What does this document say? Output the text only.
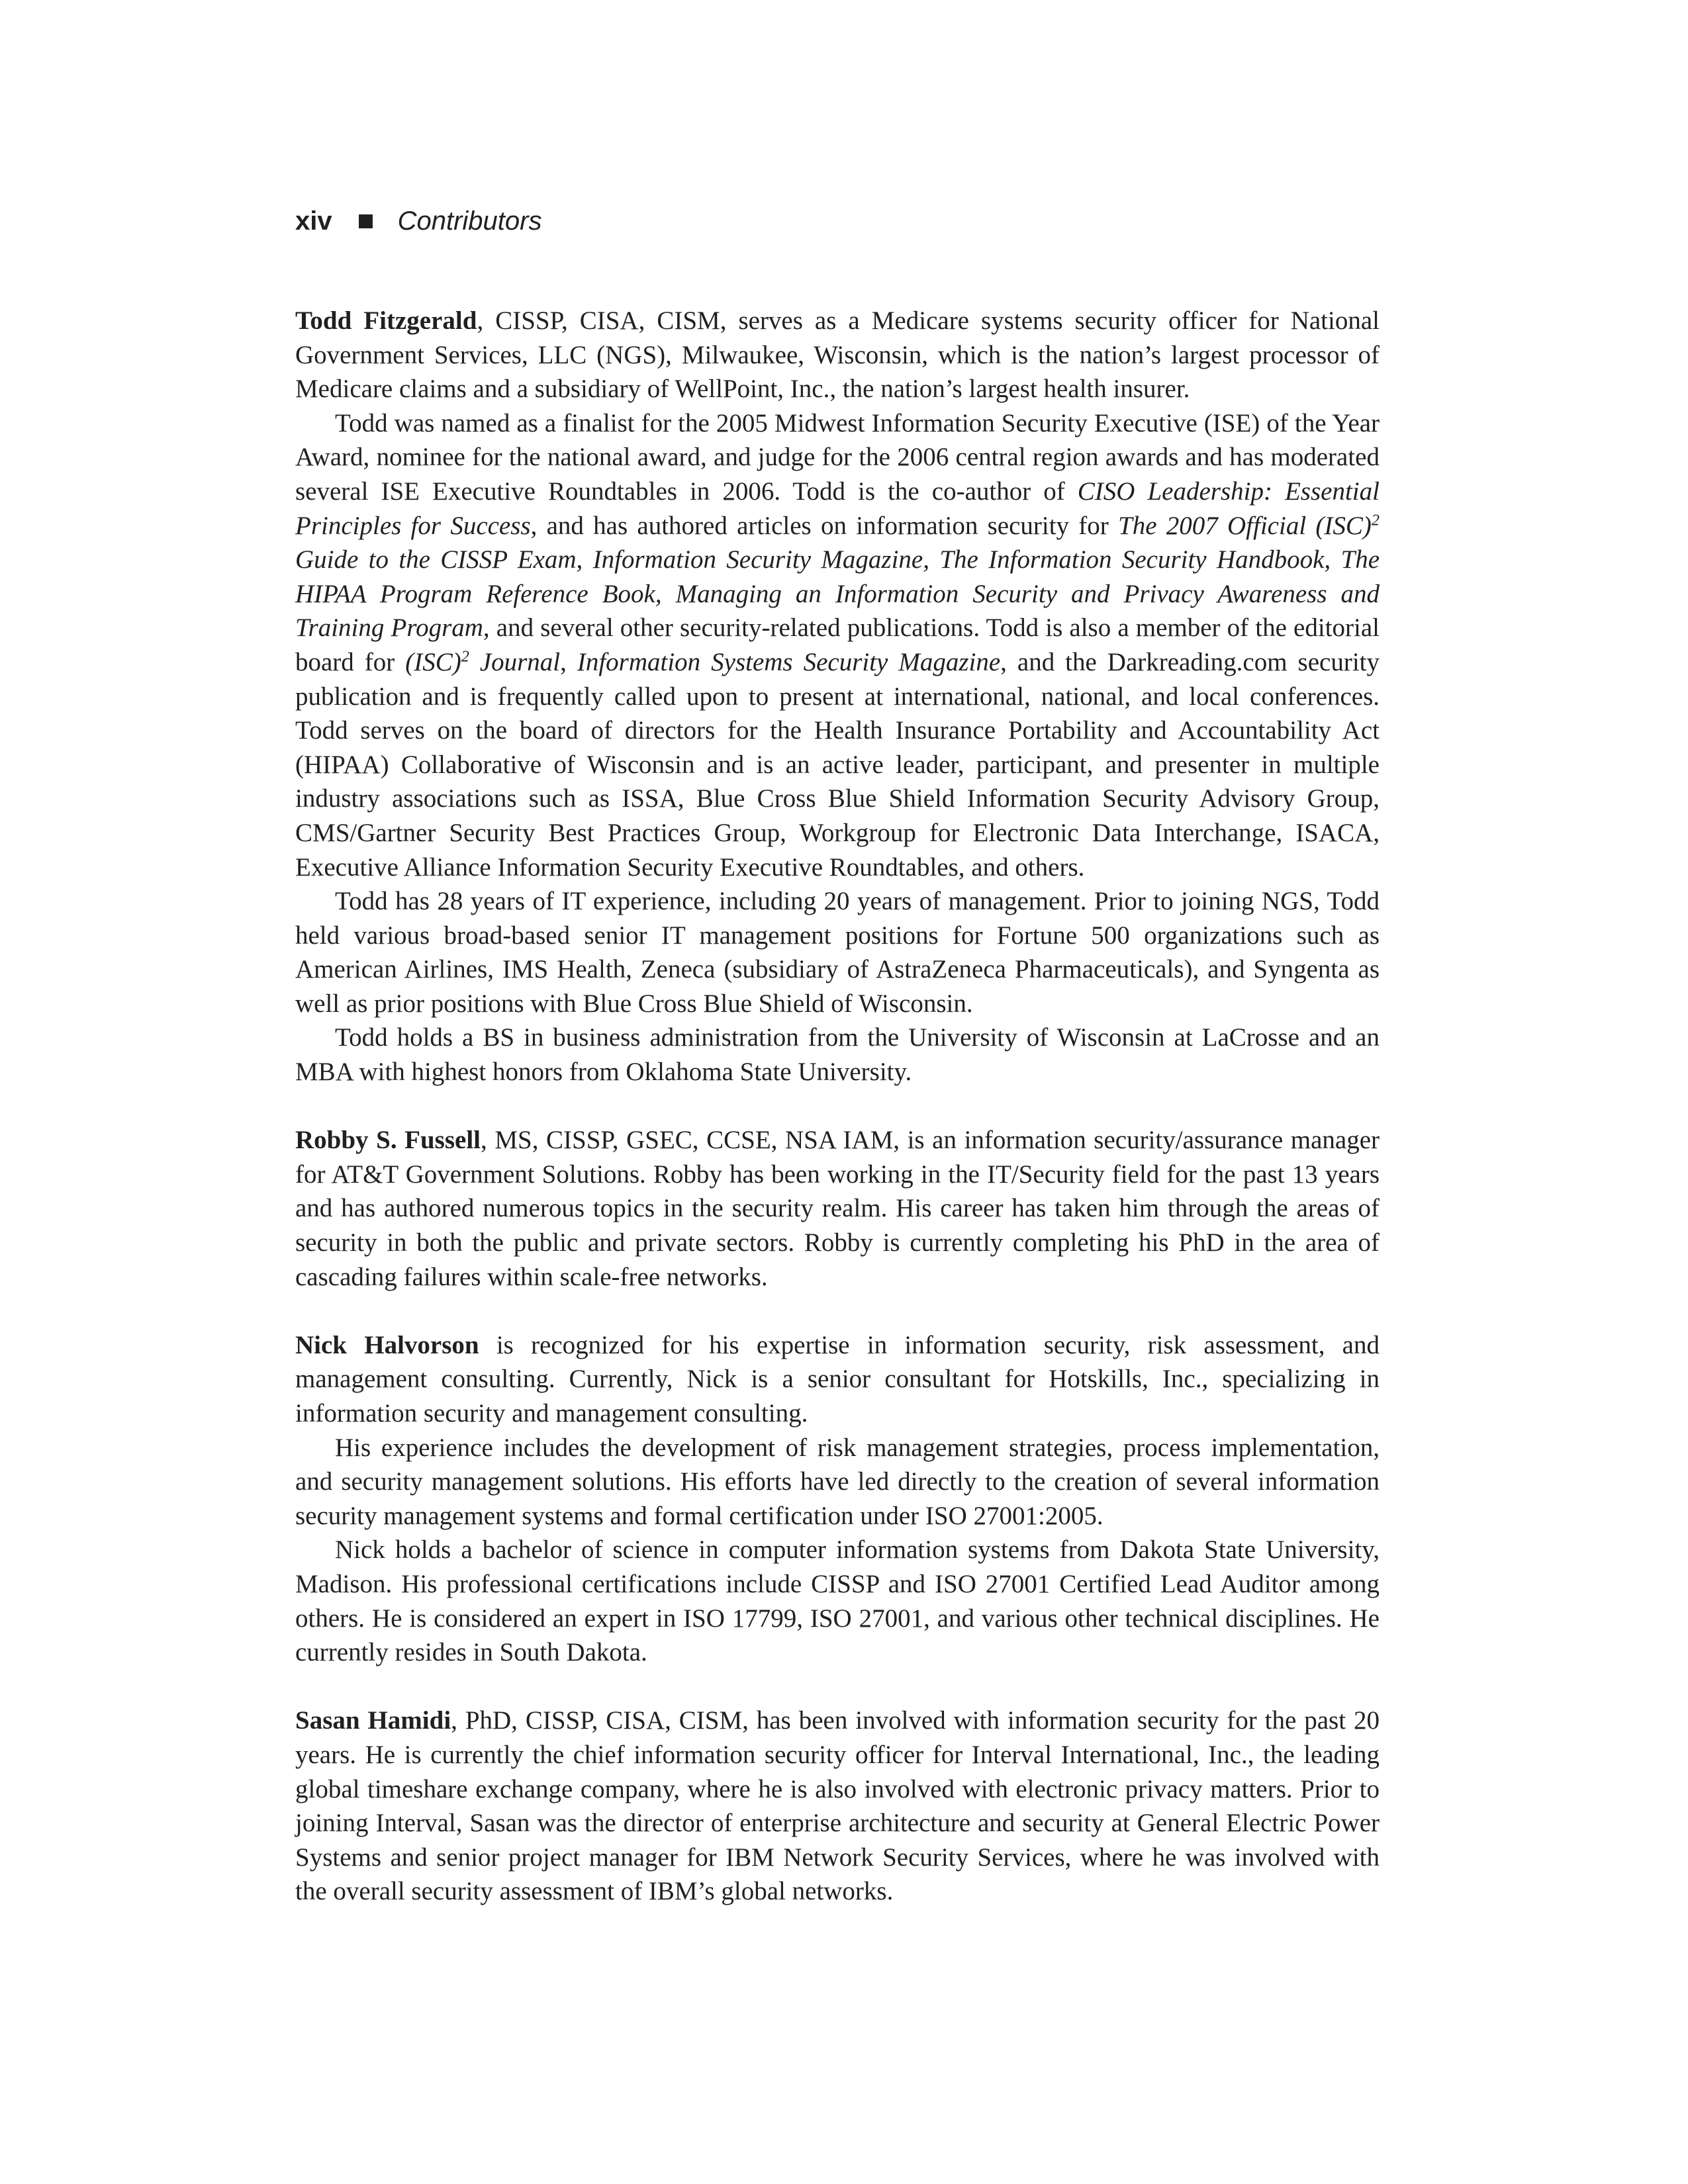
xiv Contributors

Todd Fitzgerald, CISSP, CISA, CISM, serves as a Medicare systems security officer for National Government Services, LLC (NGS), Milwaukee, Wisconsin, which is the nation’s largest processor of Medicare claims and a subsidiary of WellPoint, Inc., the nation’s largest health insurer.

Todd was named as a finalist for the 2005 Midwest Information Security Executive (ISE) of the Year Award, nominee for the national award, and judge for the 2006 central region awards and has moderated several ISE Executive Roundtables in 2006. Todd is the co-author of CISO Leadership: Essential Principles for Success, and has authored articles on information security for The 2007 Official (ISC)$^2$ Guide to the CISSP Exam, Information Security Magazine, The Information Security Handbook, The HIPAA Program Reference Book, Managing an Information Security and Privacy Awareness and Training Program, and several other security-related publications. Todd is also a member of the editorial board for (ISC)$^2$ Journal, Information Systems Security Magazine, and the Darkreading.com security publication and is frequently called upon to present at international, national, and local conferences. Todd serves on the board of directors for the Health Insurance Portability and Accountability Act (HIPAA) Collaborative of Wisconsin and is an active leader, participant, and presenter in multiple industry associations such as ISSA, Blue Cross Blue Shield Information Security Advisory Group, CMS/Gartner Security Best Practices Group, Workgroup for Electronic Data Interchange, ISACA, Executive Alliance Information Security Executive Roundtables, and others.

Todd has 28 years of IT experience, including 20 years of management. Prior to joining NGS, Todd held various broad-based senior IT management positions for Fortune 500 organizations such as American Airlines, IMS Health, Zeneca (subsidiary of AstraZeneca Pharmaceuticals), and Syngenta as well as prior positions with Blue Cross Blue Shield of Wisconsin.

Todd holds a BS in business administration from the University of Wisconsin at LaCrosse and an MBA with highest honors from Oklahoma State University.

Robby S. Fussell, MS, CISSP, GSEC, CCSE, NSA IAM, is an information security/assurance manager for AT&T Government Solutions. Robby has been working in the IT/Security field for the past 13 years and has authored numerous topics in the security realm. His career has taken him through the areas of security in both the public and private sectors. Robby is currently completing his PhD in the area of cascading failures within scale-free networks.

Nick Halvorson is recognized for his expertise in information security, risk assessment, and management consulting. Currently, Nick is a senior consultant for Hotskills, Inc., specializing in information security and management consulting.

His experience includes the development of risk management strategies, process implementation, and security management solutions. His efforts have led directly to the creation of several information security management systems and formal certification under ISO 27001:2005.

Nick holds a bachelor of science in computer information systems from Dakota State University, Madison. His professional certifications include CISSP and ISO 27001 Certified Lead Auditor among others. He is considered an expert in ISO 17799, ISO 27001, and various other technical disciplines. He currently resides in South Dakota.

Sasan Hamidi, PhD, CISSP, CISA, CISM, has been involved with information security for the past 20 years. He is currently the chief information security officer for Interval International, Inc., the leading global timeshare exchange company, where he is also involved with electronic privacy matters. Prior to joining Interval, Sasan was the director of enterprise architecture and security at General Electric Power Systems and senior project manager for IBM Network Security Services, where he was involved with the overall security assessment of IBM’s global networks.
